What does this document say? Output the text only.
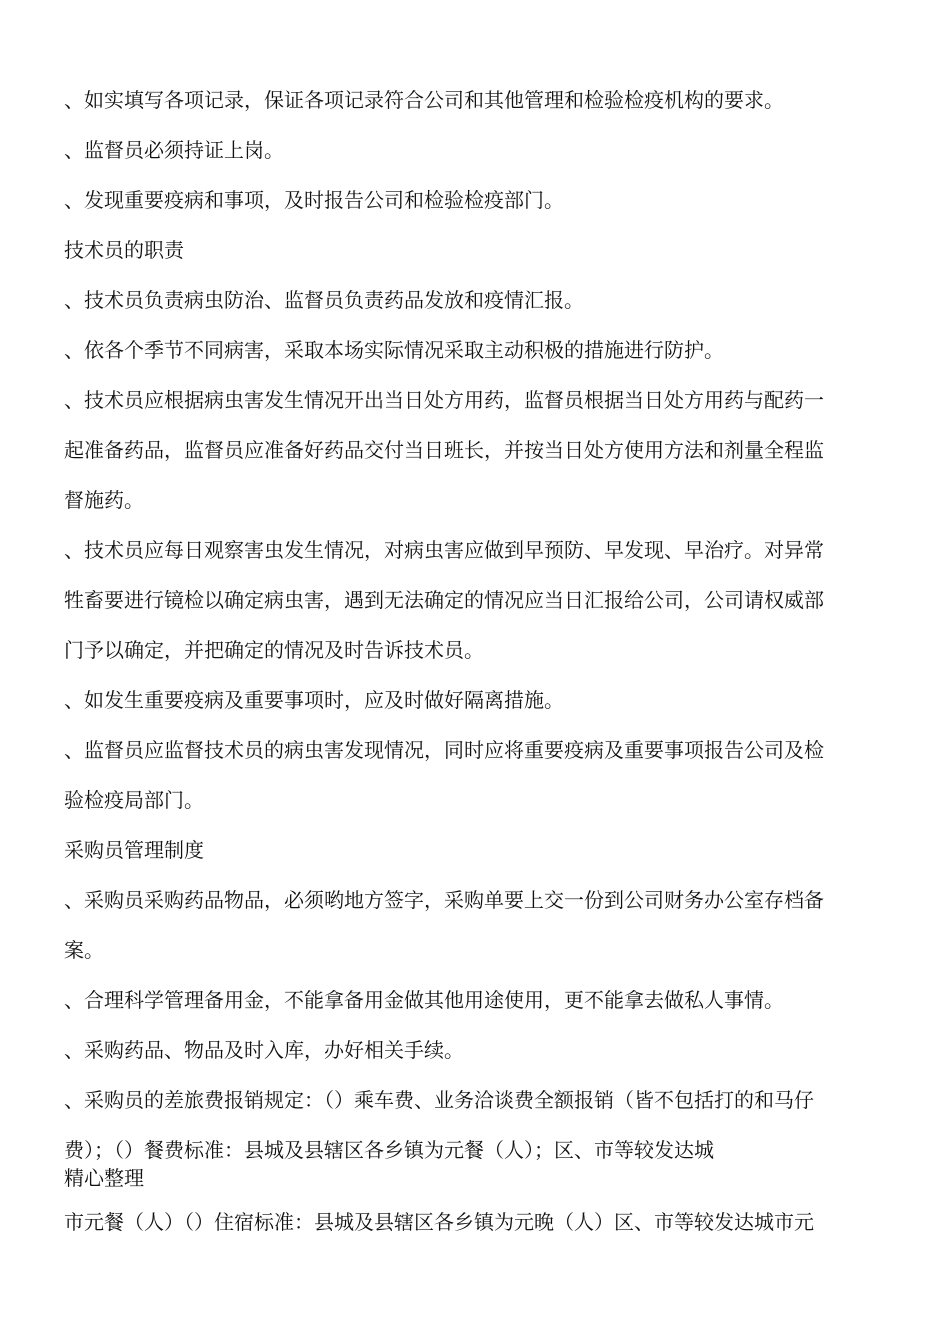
、如实填写各项记录，保证各项记录符合公司和其他管理和检验检疫机构的要求。
、监督员必须持证上岗。
、发现重要疫病和事项，及时报告公司和检验检疫部门。
技术员的职责
、技术员负责病虫防治、监督员负责药品发放和疫情汇报。
、依各个季节不同病害，采取本场实际情况采取主动积极的措施进行防护。
、技术员应根据病虫害发生情况开出当日处方用药，监督员根据当日处方用药与配药一
起准备药品，监督员应准备好药品交付当日班长，并按当日处方使用方法和剂量全程监
督施药。
、技术员应每日观察害虫发生情况，对病虫害应做到早预防、早发现、早治疗。对异常
牲畜要进行镜检以确定病虫害，遇到无法确定的情况应当日汇报给公司，公司请权威部
门予以确定，并把确定的情况及时告诉技术员。
、如发生重要疫病及重要事项时，应及时做好隔离措施。
、监督员应监督技术员的病虫害发现情况，同时应将重要疫病及重要事项报告公司及检
验检疫局部门。
采购员管理制度
、采购员采购药品物品，必须哟地方签字，采购单要上交一份到公司财务办公室存档备
案。
、合理科学管理备用金，不能拿备用金做其他用途使用，更不能拿去做私人事情。
、采购药品、物品及时入库，办好相关手续。
、采购员的差旅费报销规定：（）乘车费、业务洽谈费全额报销（皆不包括打的和马仔
费）；（）餐费标准：县城及县辖区各乡镇为元餐（人）；区、市等较发达城
精心整理
市元餐（人）（）住宿标准：县城及县辖区各乡镇为元晚（人）区、市等较发达城市元
